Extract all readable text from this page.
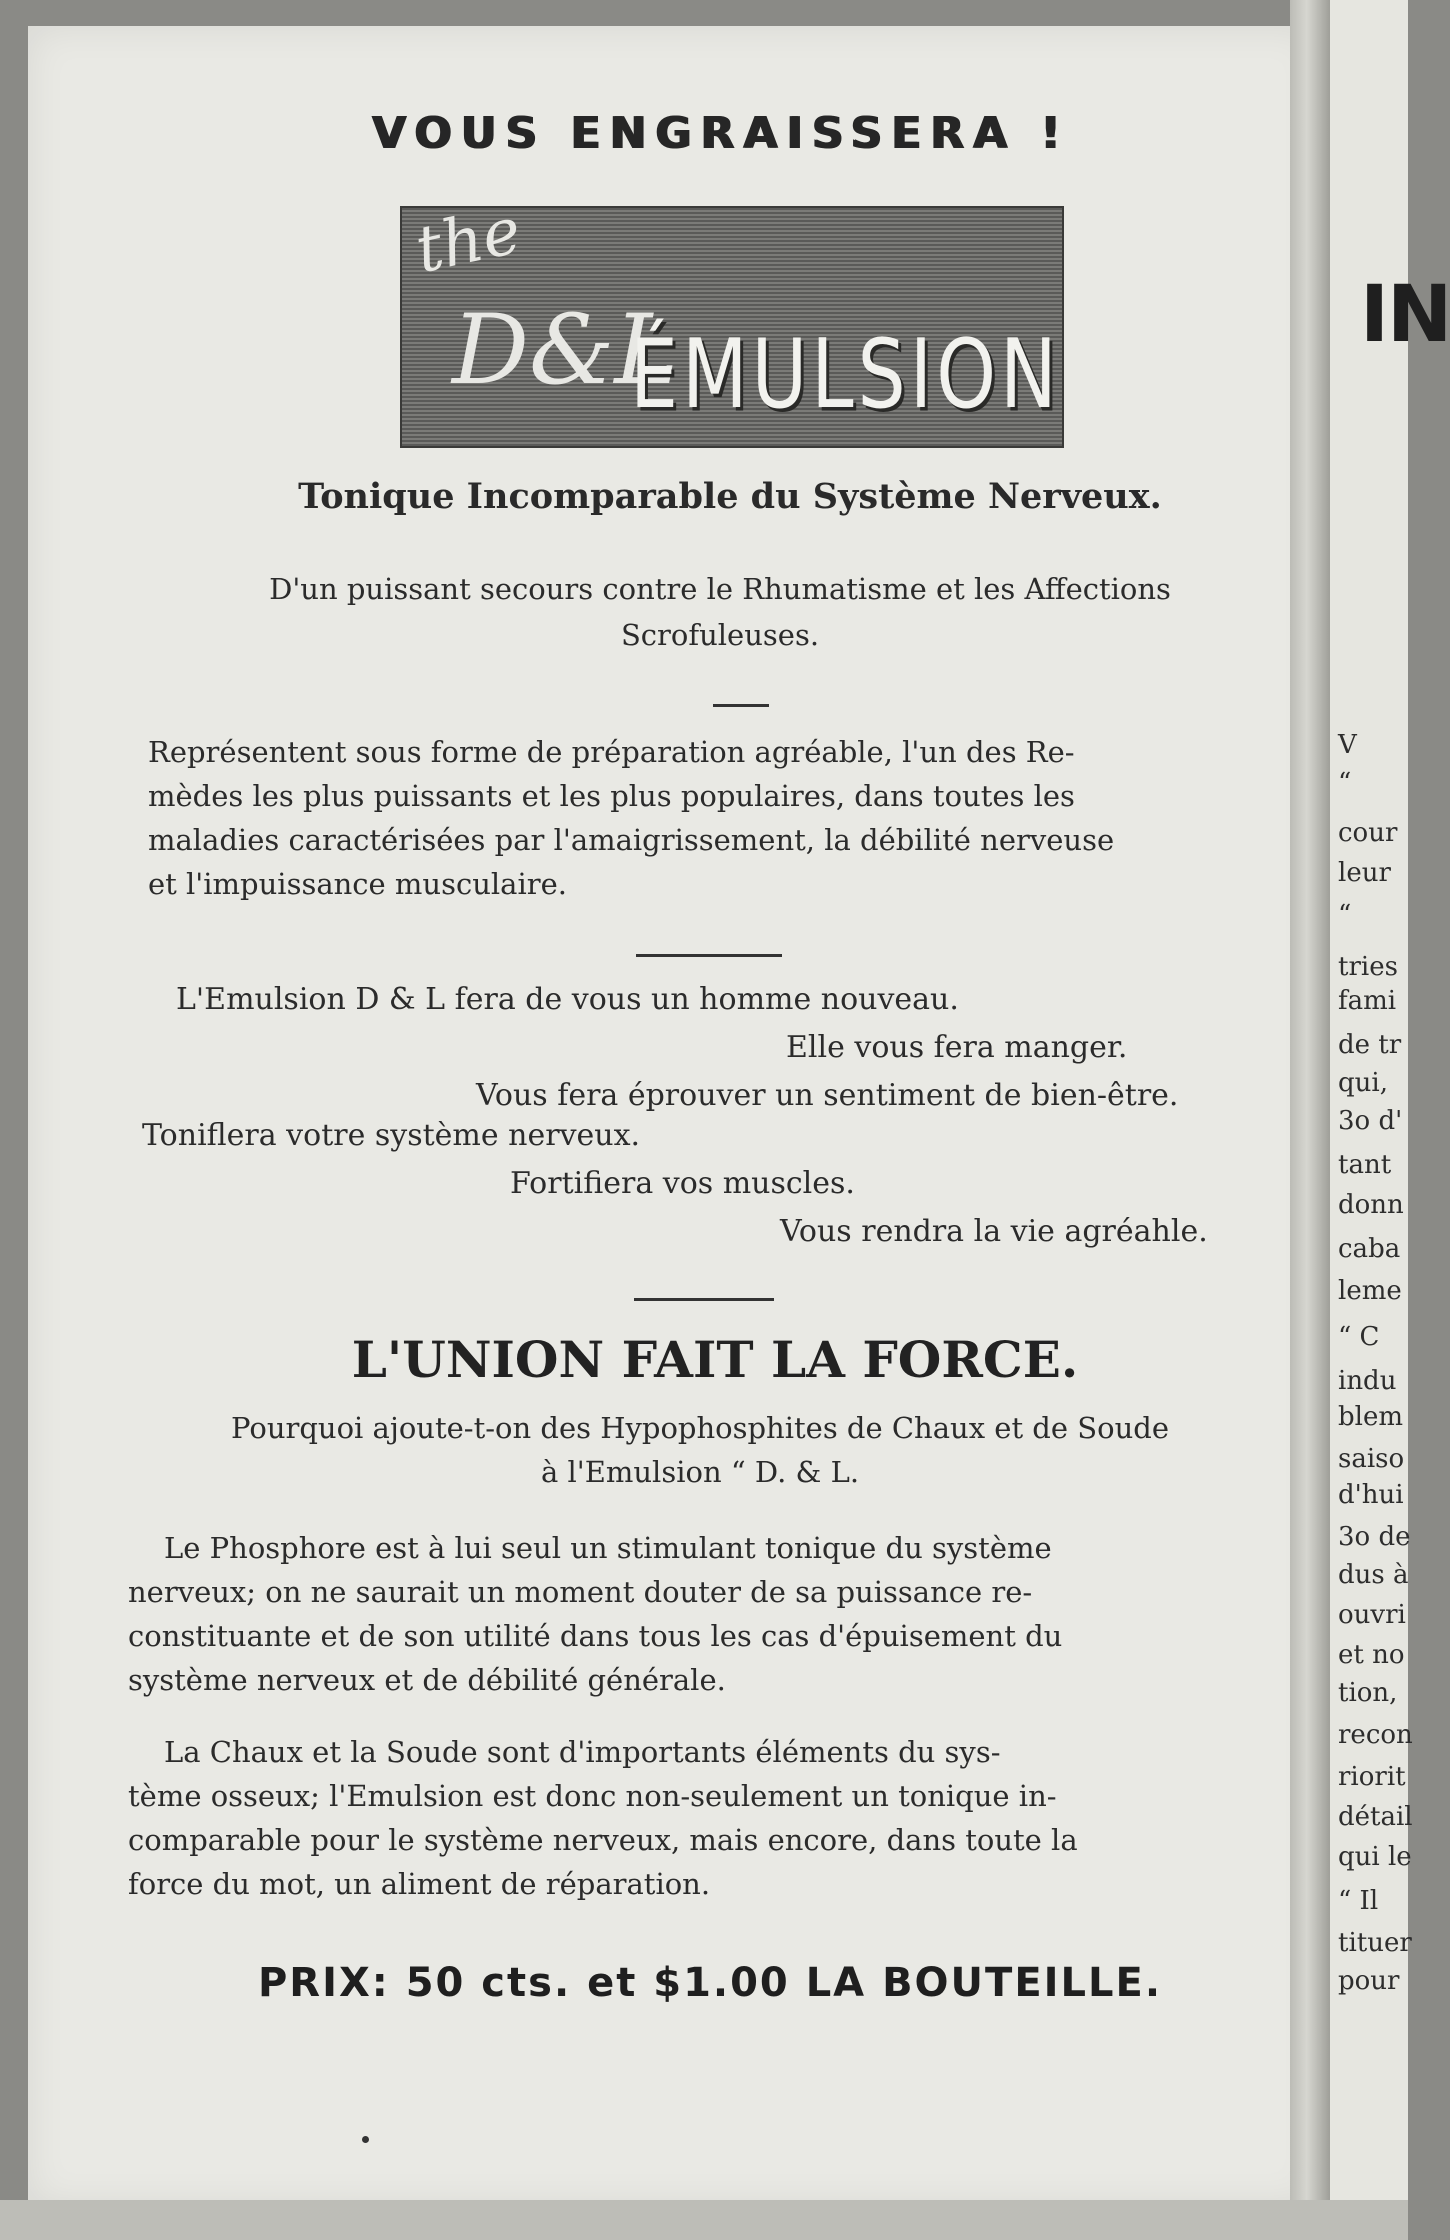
IN
V
“
cour
leur
“
tries
fami
de tr
qui,
3o d'
tant
donn
caba
leme
“ C
indu
blem
saiso
d'hui
3o de
dus à
ouvri
et no
tion,
recon
riorit
détail
qui le
“ Il
tituer
pour
VOUS ENGRAISSERA !
the
D&L
ÉMULSION
Tonique Incomparable du Système Nerveux.
D'un puissant secours contre le Rhumatisme et les Affections
Scrofuleuses.
Représentent sous forme de préparation agréable, l'un des Re-
mèdes les plus puissants et les plus populaires, dans toutes les
maladies caractérisées par l'amaigrissement, la débilité nerveuse
et l'impuissance musculaire.
L'Emulsion D & L fera de vous un homme nouveau.
Elle vous fera manger.
Vous fera éprouver un sentiment de bien-être.
Toniflera votre système nerveux.
Fortifiera vos muscles.
Vous rendra la vie agréahle.
L'UNION FAIT LA FORCE.
Pourquoi ajoute-t-on des Hypophosphites de Chaux et de Soude
à l'Emulsion “ D. & L.
Le Phosphore est à lui seul un stimulant tonique du système
nerveux; on ne saurait un moment douter de sa puissance re-
constituante et de son utilité dans tous les cas d'épuisement du
système nerveux et de débilité générale.
La Chaux et la Soude sont d'importants éléments du sys-
tème osseux; l'Emulsion est donc non-seulement un tonique in-
comparable pour le système nerveux, mais encore, dans toute la
force du mot, un aliment de réparation.
PRIX: 50 cts. et $1.00 LA BOUTEILLE.
